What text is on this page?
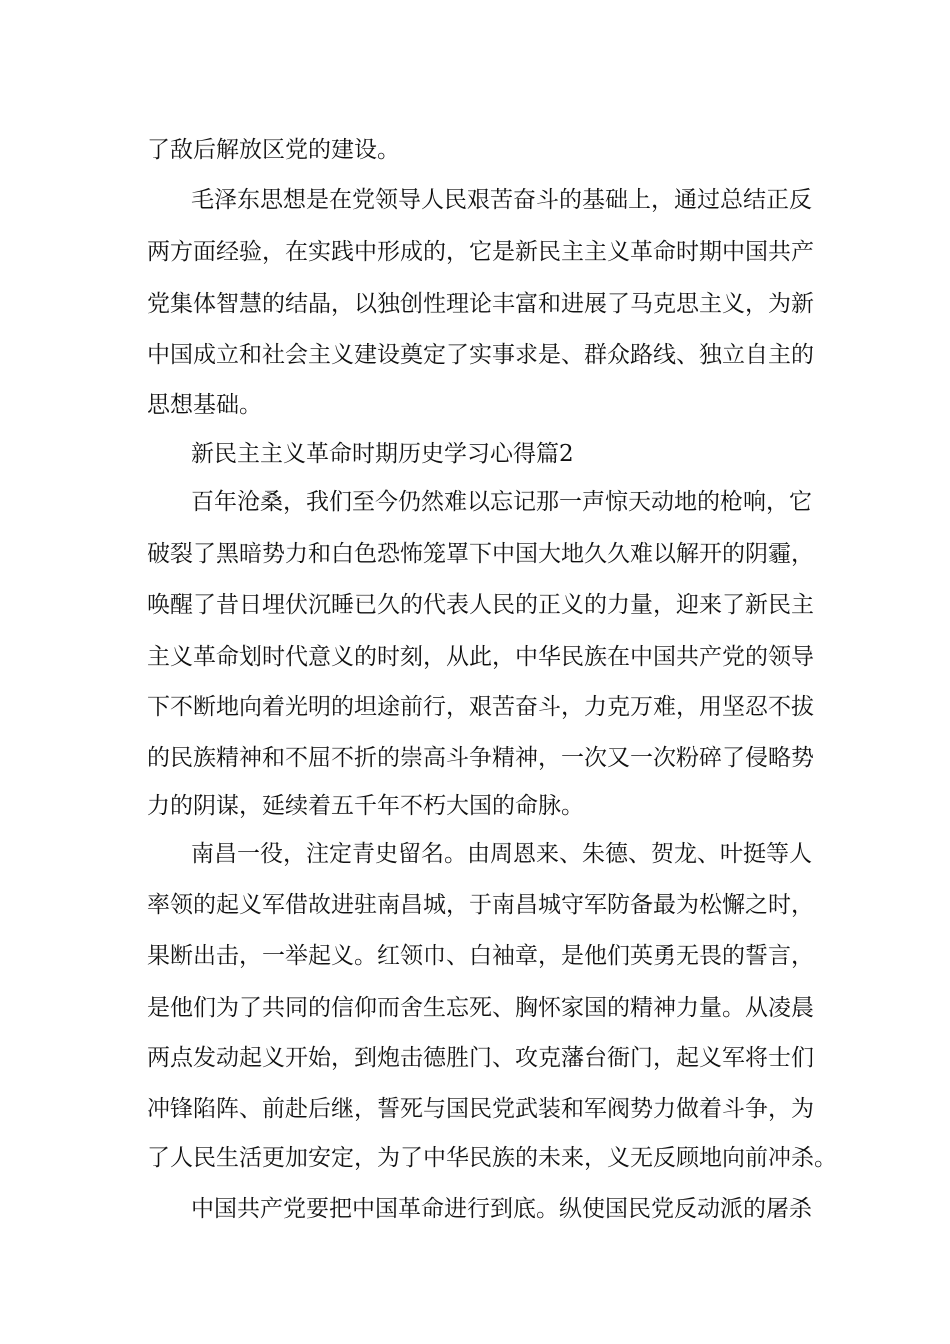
了敌后解放区党的建设。
毛泽东思想是在党领导人民艰苦奋斗的基础上，通过总结正反
两方面经验，在实践中形成的，它是新民主主义革命时期中国共产
党集体智慧的结晶，以独创性理论丰富和进展了马克思主义，为新
中国成立和社会主义建设奠定了实事求是、群众路线、独立自主的
思想基础。
新民主主义革命时期历史学习心得篇2
百年沧桑，我们至今仍然难以忘记那一声惊天动地的枪响，它
破裂了黑暗势力和白色恐怖笼罩下中国大地久久难以解开的阴霾，
唤醒了昔日埋伏沉睡已久的代表人民的正义的力量，迎来了新民主
主义革命划时代意义的时刻，从此，中华民族在中国共产党的领导
下不断地向着光明的坦途前行，艰苦奋斗，力克万难，用坚忍不拔
的民族精神和不屈不折的崇高斗争精神，一次又一次粉碎了侵略势
力的阴谋，延续着五千年不朽大国的命脉。
南昌一役，注定青史留名。由周恩来、朱德、贺龙、叶挺等人
率领的起义军借故进驻南昌城，于南昌城守军防备最为松懈之时，
果断出击，一举起义。红领巾、白袖章，是他们英勇无畏的誓言，
是他们为了共同的信仰而舍生忘死、胸怀家国的精神力量。从凌晨
两点发动起义开始，到炮击德胜门、攻克藩台衙门，起义军将士们
冲锋陷阵、前赴后继，誓死与国民党武装和军阀势力做着斗争，为
了人民生活更加安定，为了中华民族的未来，义无反顾地向前冲杀。
中国共产党要把中国革命进行到底。纵使国民党反动派的屠杀
